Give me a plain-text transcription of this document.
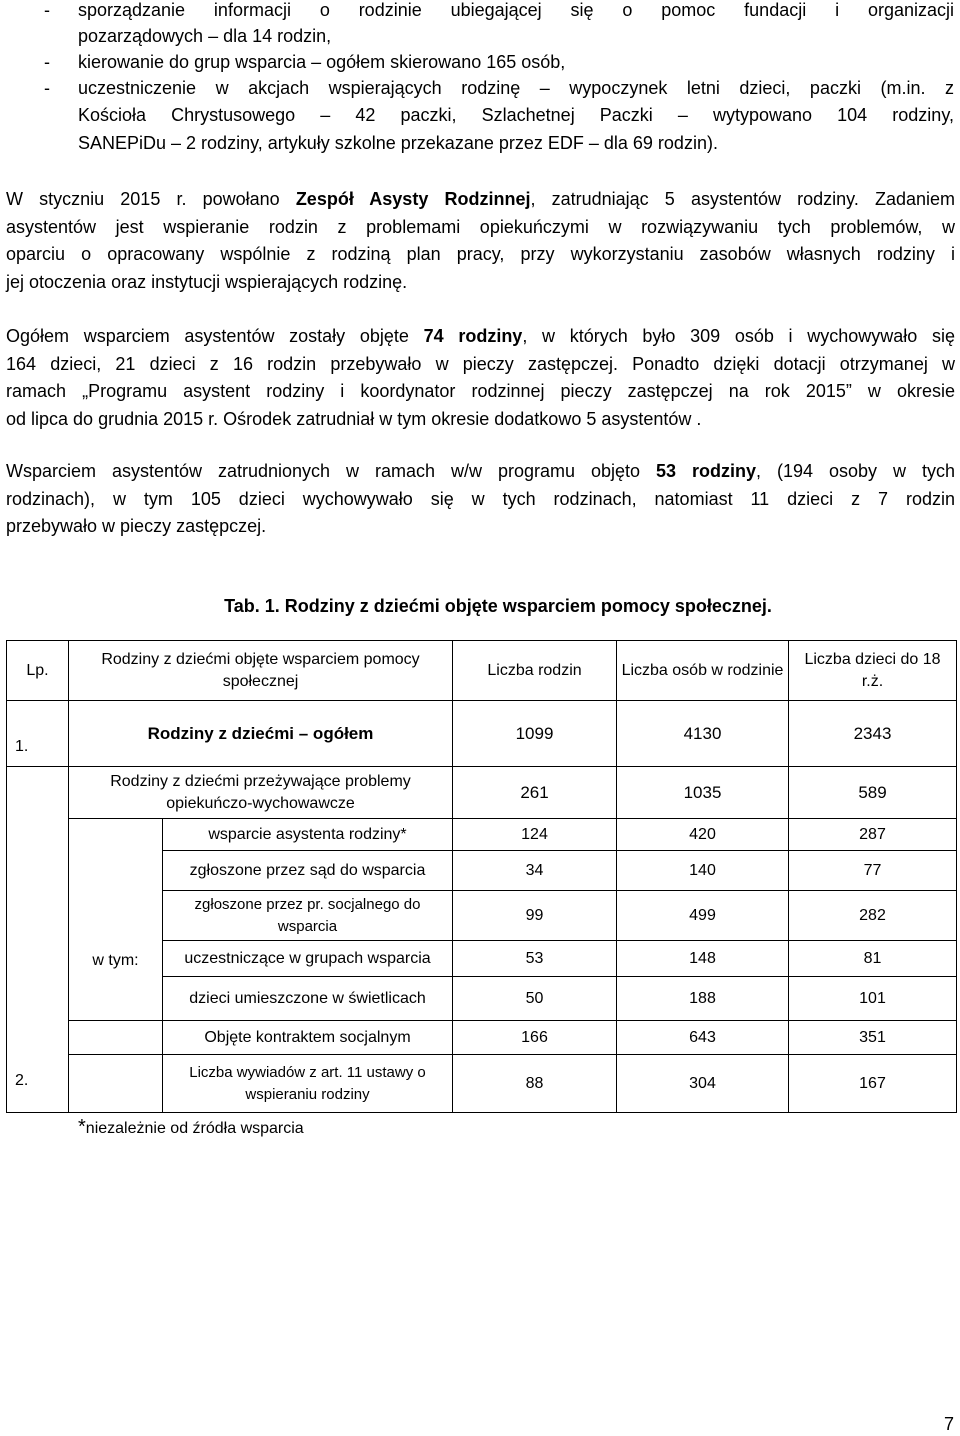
- sporządzanie informacji o rodzinie ubiegającej się o pomoc fundacji i organizacji
pozarządowych – dla 14 rodzin,
- kierowanie do grup wsparcia – ogółem skierowano 165 osób,
- uczestniczenie w akcjach wspierających rodzinę – wypoczynek letni dzieci, paczki (m.in. z
Kościoła Chrystusowego – 42 paczki, Szlachetnej Paczki – wytypowano 104 rodziny,
SANEPiDu – 2 rodziny, artykuły szkolne przekazane przez EDF – dla 69 rodzin).
W styczniu 2015 r. powołano Zespół Asysty Rodzinnej, zatrudniając 5 asystentów rodziny. Zadaniem
asystentów jest wspieranie rodzin z problemami opiekuńczymi w rozwiązywaniu tych problemów, w
oparciu o opracowany wspólnie z rodziną plan pracy, przy wykorzystaniu zasobów własnych rodziny i
jej otoczenia oraz instytucji wspierających rodzinę.
Ogółem wsparciem asystentów zostały objęte 74 rodziny, w których było 309 osób i wychowywało się
164 dzieci, 21 dzieci z 16 rodzin przebywało w pieczy zastępczej. Ponadto dzięki dotacji otrzymanej w
ramach „Programu asystent rodziny i koordynator rodzinnej pieczy zastępczej na rok 2015” w okresie
od lipca do grudnia 2015 r. Ośrodek zatrudniał w tym okresie dodatkowo 5 asystentów .
Wsparciem asystentów zatrudnionych w ramach w/w programu objęto 53 rodziny, (194 osoby w tych
rodzinach), w tym 105 dzieci wychowywało się w tych rodzinach, natomiast 11 dzieci z 7 rodzin
przebywało w pieczy zastępczej.
Tab. 1. Rodziny z dziećmi objęte wsparciem pomocy społecznej.
Lp.	Rodziny z dziećmi objęte wsparciem pomocy społecznej		Liczba rodzin	Liczba osób w rodzinie	Liczba dzieci do 18 r.ż.
1.	Rodziny z dziećmi – ogółem		1099	4130	2343
2.	Rodziny z dziećmi przeżywające problemy opiekuńczo-wychowawcze		261	1035	589
	w tym:	wsparcie asystenta rodziny*	124	420	287
		zgłoszone przez sąd do wsparcia	34	140	77
		zgłoszone przez pr. socjalnego do wsparcia	99	499	282
		uczestniczące w grupach wsparcia	53	148	81
		dzieci umieszczone w świetlicach	50	188	101
		Objęte kontraktem socjalnym	166	643	351
		Liczba wywiadów z art. 11 ustawy o wspieraniu rodziny	88	304	167
*niezależnie od źródła wsparcia
7
